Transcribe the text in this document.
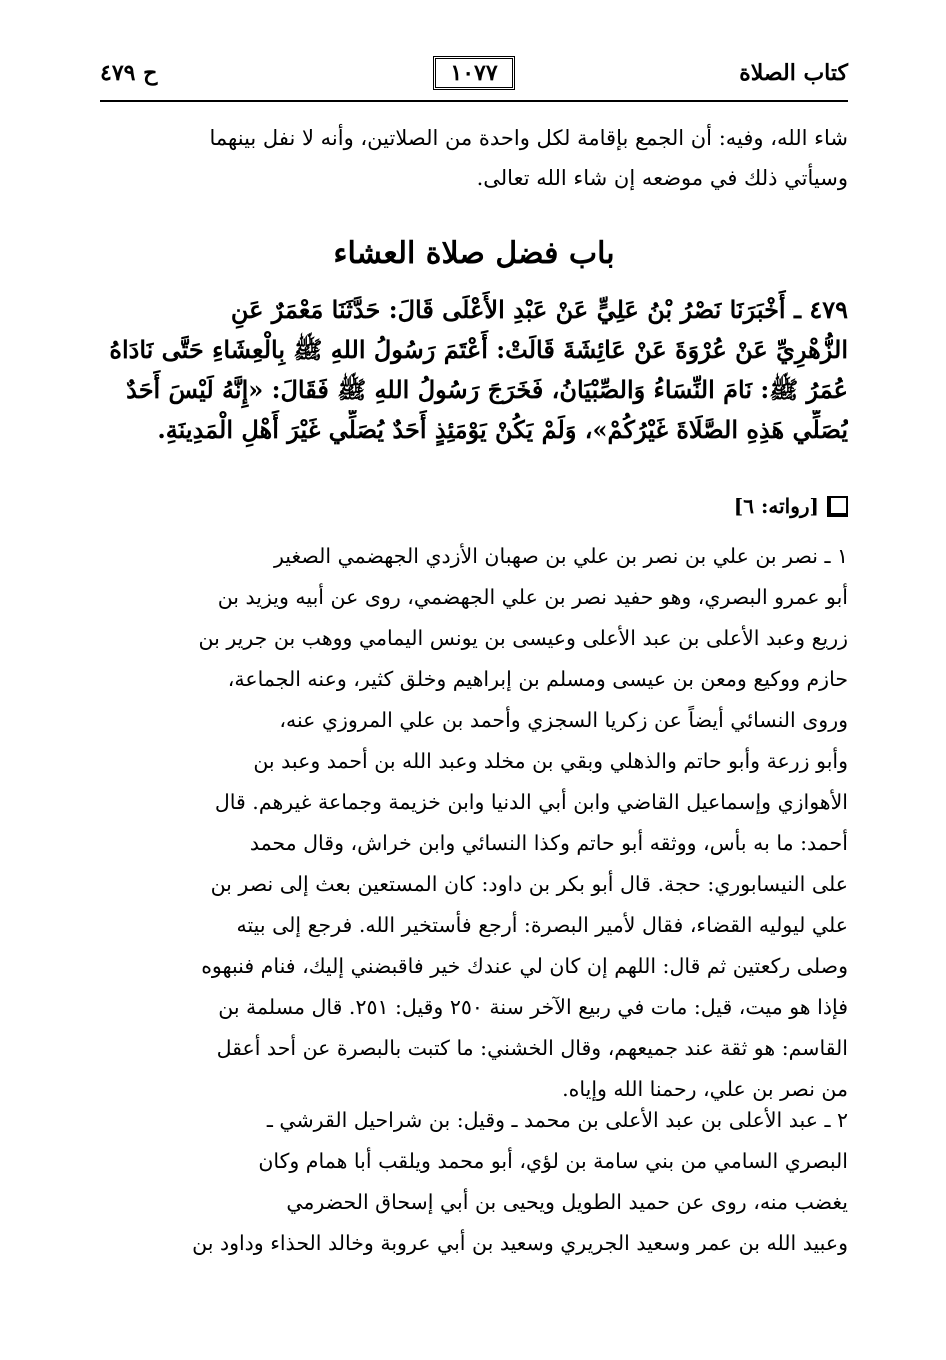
كتاب الصلاة
١٠٧٧
ح ٤٧٩
شاء الله، وفيه: أن الجمع بإقامة لكل واحدة من الصلاتين، وأنه لا نفل بينهما
وسيأتي ذلك في موضعه إن شاء الله تعالى.
باب فضل صلاة العشاء
٤٧٩ ـ أَخْبَرَنَا نَصْرُ بْنُ عَلِيٍّ عَنْ عَبْدِ الأَعْلَى قَالَ: حَدَّثَنَا مَعْمَرٌ عَنِ
الزُّهْرِيِّ عَنْ عُرْوَةَ عَنْ عَائِشَةَ قَالَتْ: أَعْتَمَ رَسُولُ اللهِ ﷺ بِالْعِشَاءِ حَتَّى نَادَاهُ
عُمَرُ ﷺ: نَامَ النِّسَاءُ وَالصِّبْيَانُ، فَخَرَجَ رَسُولُ اللهِ ﷺ فَقَالَ: «إِنَّهُ لَيْسَ أَحَدٌ
يُصَلِّي هَذِهِ الصَّلَاةَ غَيْرُكُمْ»، وَلَمْ يَكُنْ يَوْمَئِذٍ أَحَدٌ يُصَلِّي غَيْرَ أَهْلِ الْمَدِينَةِ.
[رواته: ٦]
١ ـ نصر بن علي بن نصر بن علي بن صهبان الأزدي الجهضمي الصغير
أبو عمرو البصري، وهو حفيد نصر بن علي الجهضمي، روى عن أبيه ويزيد بن
زريع وعبد الأعلى بن عبد الأعلى وعيسى بن يونس اليمامي ووهب بن جرير بن
حازم ووكيع ومعن بن عيسى ومسلم بن إبراهيم وخلق كثير، وعنه الجماعة،
وروى النسائي أيضاً عن زكريا السجزي وأحمد بن علي المروزي عنه،
وأبو زرعة وأبو حاتم والذهلي وبقي بن مخلد وعبد الله بن أحمد وعبد بن
الأهوازي وإسماعيل القاضي وابن أبي الدنيا وابن خزيمة وجماعة غيرهم. قال
أحمد: ما به بأس، ووثقه أبو حاتم وكذا النسائي وابن خراش، وقال محمد
على النيسابوري: حجة. قال أبو بكر بن داود: كان المستعين بعث إلى نصر بن
علي ليوليه القضاء، فقال لأمير البصرة: أرجع فأستخير الله. فرجع إلى بيته
وصلى ركعتين ثم قال: اللهم إن كان لي عندك خير فاقبضني إليك، فنام فنبهوه
فإذا هو ميت، قيل: مات في ربيع الآخر سنة ٢٥٠ وقيل: ٢٥١. قال مسلمة بن
القاسم: هو ثقة عند جميعهم، وقال الخشني: ما كتبت بالبصرة عن أحد أعقل
من نصر بن علي، رحمنا الله وإياه.
٢ ـ عبد الأعلى بن عبد الأعلى بن محمد ـ وقيل: بن شراحيل القرشي ـ
البصري السامي من بني سامة بن لؤي، أبو محمد ويلقب أبا همام وكان
يغضب منه، روى عن حميد الطويل ويحيى بن أبي إسحاق الحضرمي
وعبيد الله بن عمر وسعيد الجريري وسعيد بن أبي عروبة وخالد الحذاء وداود بن
